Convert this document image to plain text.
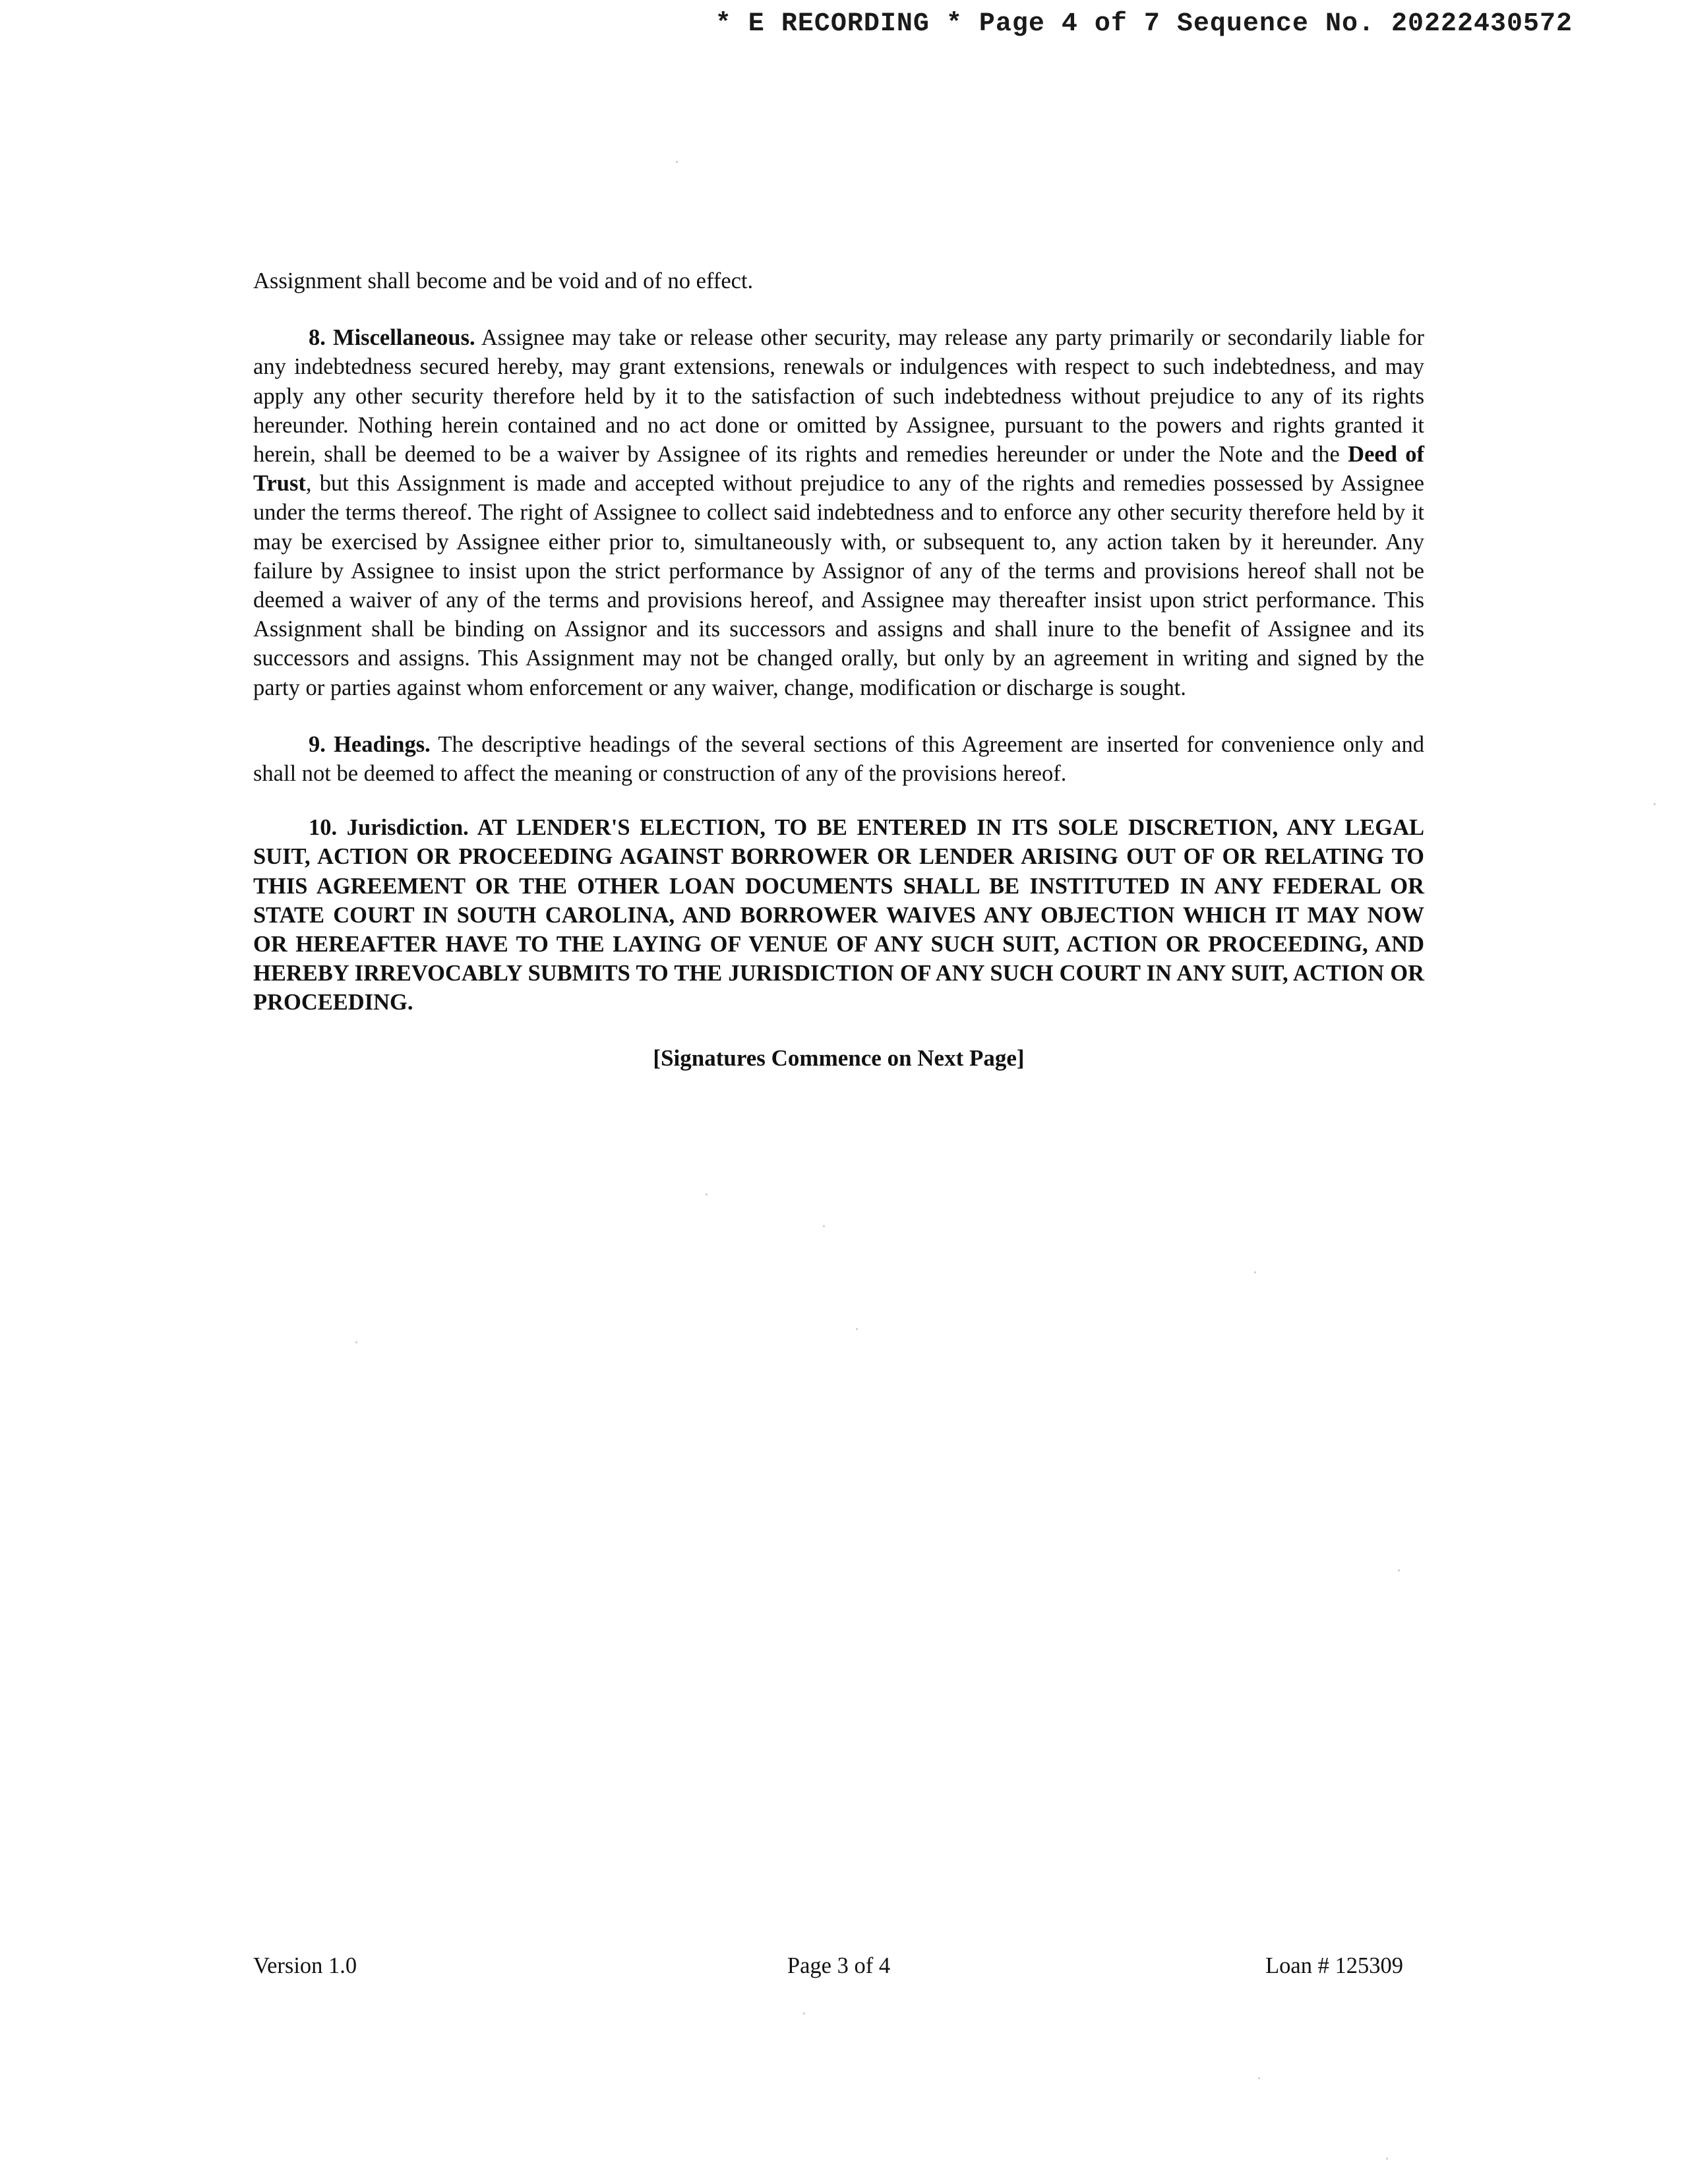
* E RECORDING * Page 4 of 7 Sequence No. 20222430572

Assignment shall become and be void and of no effect.

8. Miscellaneous. Assignee may take or release other security, may release any party primarily or secondarily liable for any indebtedness secured hereby, may grant extensions, renewals or indulgences with respect to such indebtedness, and may apply any other security therefore held by it to the satisfaction of such indebtedness without prejudice to any of its rights hereunder. Nothing herein contained and no act done or omitted by Assignee, pursuant to the powers and rights granted it herein, shall be deemed to be a waiver by Assignee of its rights and remedies hereunder or under the Note and the Deed of Trust, but this Assignment is made and accepted without prejudice to any of the rights and remedies possessed by Assignee under the terms thereof. The right of Assignee to collect said indebtedness and to enforce any other security therefore held by it may be exercised by Assignee either prior to, simultaneously with, or subsequent to, any action taken by it hereunder. Any failure by Assignee to insist upon the strict performance by Assignor of any of the terms and provisions hereof shall not be deemed a waiver of any of the terms and provisions hereof, and Assignee may thereafter insist upon strict performance. This Assignment shall be binding on Assignor and its successors and assigns and shall inure to the benefit of Assignee and its successors and assigns. This Assignment may not be changed orally, but only by an agreement in writing and signed by the party or parties against whom enforcement or any waiver, change, modification or discharge is sought.

9. Headings. The descriptive headings of the several sections of this Agreement are inserted for convenience only and shall not be deemed to affect the meaning or construction of any of the provisions hereof.

10. Jurisdiction. AT LENDER'S ELECTION, TO BE ENTERED IN ITS SOLE DISCRETION, ANY LEGAL SUIT, ACTION OR PROCEEDING AGAINST BORROWER OR LENDER ARISING OUT OF OR RELATING TO THIS AGREEMENT OR THE OTHER LOAN DOCUMENTS SHALL BE INSTITUTED IN ANY FEDERAL OR STATE COURT IN SOUTH CAROLINA, AND BORROWER WAIVES ANY OBJECTION WHICH IT MAY NOW OR HEREAFTER HAVE TO THE LAYING OF VENUE OF ANY SUCH SUIT, ACTION OR PROCEEDING, AND HEREBY IRREVOCABLY SUBMITS TO THE JURISDICTION OF ANY SUCH COURT IN ANY SUIT, ACTION OR PROCEEDING.

[Signatures Commence on Next Page]

Version 1.0	Page 3 of 4	Loan # 125309
